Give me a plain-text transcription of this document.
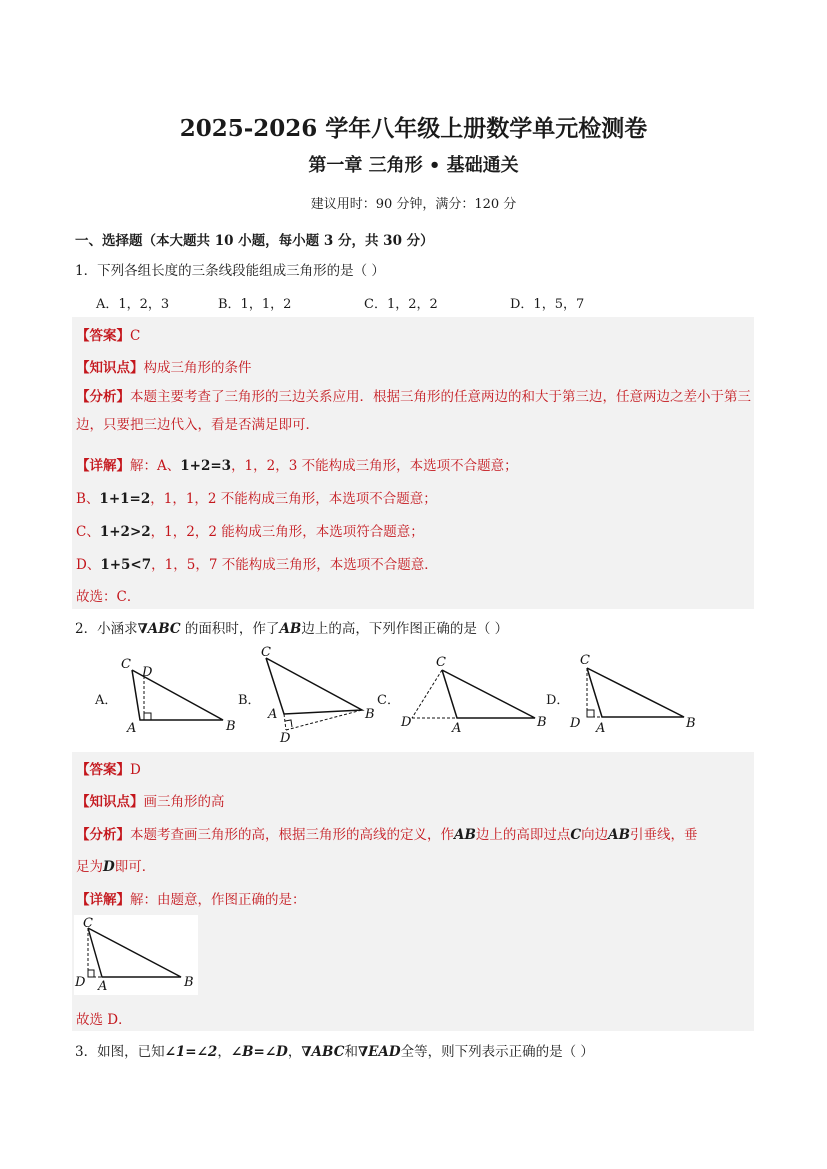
2025-2026 学年八年级上册数学单元检测卷
第一章 三角形 • 基础通关
建议用时：90 分钟，满分：120 分
一、选择题（本大题共 10 小题，每小题 3 分，共 30 分）
1．下列各组长度的三条线段能组成三角形的是（ ）
A．1，2，3	B．1，1，2	C．1，2，2	D．1，5，7
【答案】C
【知识点】构成三角形的条件
【分析】本题主要考查了三角形的三边关系应用．根据三角形的任意两边的和大于第三边，任意两边之差小于第三边，只要把三边代入，看是否满足即可．
【详解】解：A、1+2=3，1，2，3 不能构成三角形，本选项不合题意；
B、1+1=2，1，1，2 不能构成三角形，本选项不合题意；
C、1+2>2，1，2，2 能构成三角形，本选项符合题意；
D、1+5<7，1，5，7 不能构成三角形，本选项不合题意．
故选：C．
2．小涵求∇ABC 的面积时，作了AB边上的高，下列作图正确的是（ ）
A．
C
D
A	B
B．
C
A	B
D
C．
C
D	A	B
D．
C
D A	B
【答案】D
【知识点】画三角形的高
【分析】本题考查画三角形的高，根据三角形的高线的定义，作AB边上的高即过点C向边AB引垂线，垂
足为D即可．
【详解】解：由题意，作图正确的是：
C
D A	B
故选 D．
3．如图，已知∠1=∠2，∠B=∠D，∇ABC和∇EAD全等，则下列表示正确的是（ ）
